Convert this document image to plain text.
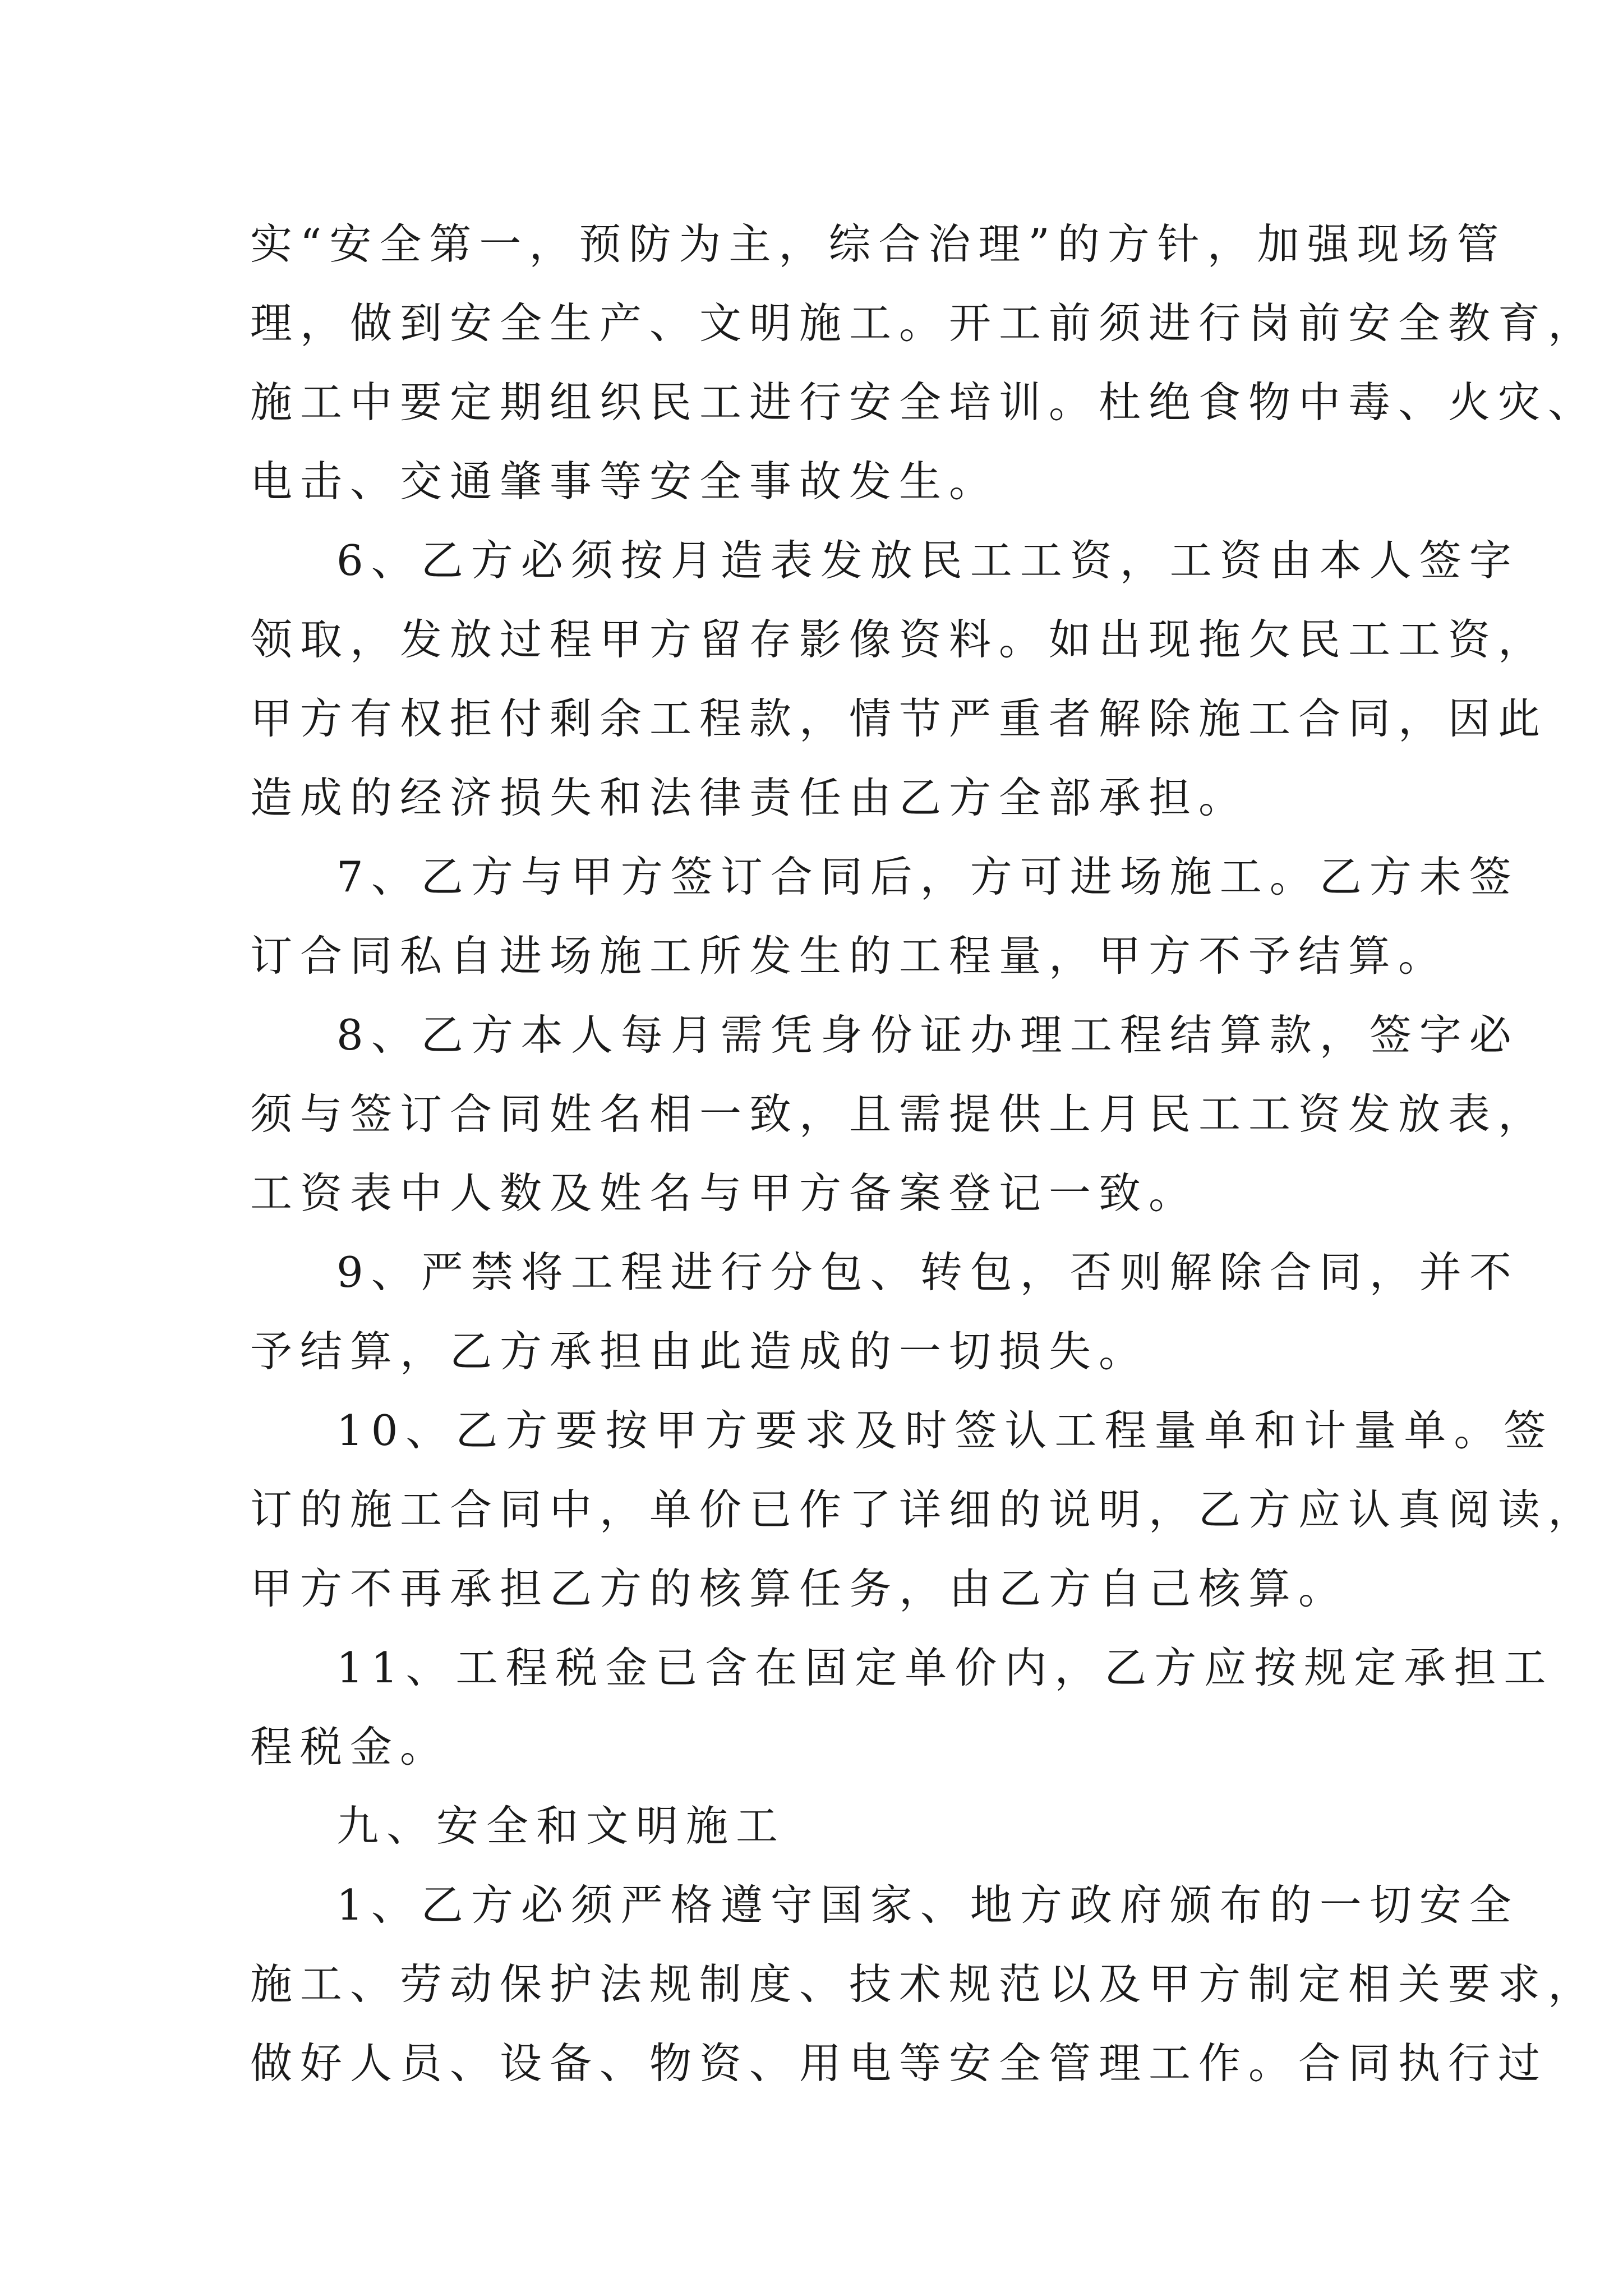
实“安全第一，预防为主，综合治理”的方针，加强现场管
理，做到安全生产、文明施工。开工前须进行岗前安全教育，
施工中要定期组织民工进行安全培训。杜绝食物中毒、火灾、
电击、交通肇事等安全事故发生。
6、乙方必须按月造表发放民工工资，工资由本人签字
领取，发放过程甲方留存影像资料。如出现拖欠民工工资，
甲方有权拒付剩余工程款，情节严重者解除施工合同，因此
造成的经济损失和法律责任由乙方全部承担。
7、乙方与甲方签订合同后，方可进场施工。乙方未签
订合同私自进场施工所发生的工程量，甲方不予结算。
8、乙方本人每月需凭身份证办理工程结算款，签字必
须与签订合同姓名相一致，且需提供上月民工工资发放表，
工资表中人数及姓名与甲方备案登记一致。
9、严禁将工程进行分包、转包，否则解除合同，并不
予结算，乙方承担由此造成的一切损失。
10、乙方要按甲方要求及时签认工程量单和计量单。签
订的施工合同中，单价已作了详细的说明，乙方应认真阅读，
甲方不再承担乙方的核算任务，由乙方自己核算。
11、工程税金已含在固定单价内，乙方应按规定承担工
程税金。
九、安全和文明施工
1、乙方必须严格遵守国家、地方政府颁布的一切安全
施工、劳动保护法规制度、技术规范以及甲方制定相关要求，
做好人员、设备、物资、用电等安全管理工作。合同执行过
